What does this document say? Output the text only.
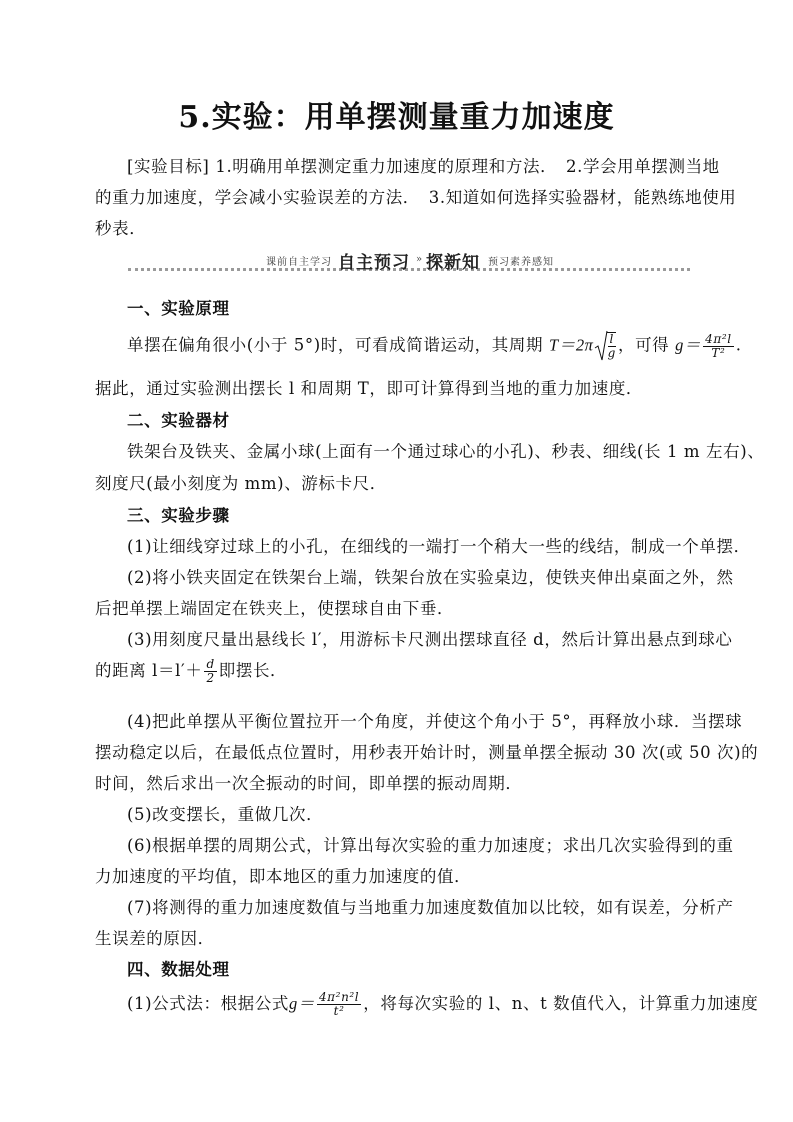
5.实验：用单摆测量重力加速度
[实验目标] 1.明确用单摆测定重力加速度的原理和方法．　2.学会用单摆测当地
的重力加速度，学会减小实验误差的方法．　3.知道如何选择实验器材，能熟练地使用
秒表．
课前自主学习 自主预习 » 探新知 预习素养感知
一、实验原理
单摆在偏角很小(小于 5°)时，可看成简谐运动，其周期 $T=2\pi \frac{l}{g}$ ，可得 $g= \frac{\text{4π²l}}{\text{T²}}$ .
据此，通过实验测出摆长 l 和周期 T，即可计算得到当地的重力加速度．
二、实验器材
铁架台及铁夹、金属小球(上面有一个通过球心的小孔)、秒表、细线(长 1 m 左右)、
刻度尺(最小刻度为 mm)、游标卡尺．
三、实验步骤
(1)让细线穿过球上的小孔，在细线的一端打一个稍大一些的线结，制成一个单摆．
(2)将小铁夹固定在铁架台上端，铁架台放在实验桌边，使铁夹伸出桌面之外，然
后把单摆上端固定在铁夹上，使摆球自由下垂．
(3)用刻度尺量出悬线长 l′，用游标卡尺测出摆球直径 d，然后计算出悬点到球心
的距离 $l=l'+ \frac{d}{2}$ 即摆长．
(4)把此单摆从平衡位置拉开一个角度，并使这个角小于 5°，再释放小球．当摆球
摆动稳定以后，在最低点位置时，用秒表开始计时，测量单摆全振动 30 次(或 50 次)的
时间，然后求出一次全振动的时间，即单摆的振动周期．
(5)改变摆长，重做几次．
(6)根据单摆的周期公式，计算出每次实验的重力加速度；求出几次实验得到的重
力加速度的平均值，即本地区的重力加速度的值．
(7)将测得的重力加速度数值与当地重力加速度数值加以比较，如有误差，分析产
生误差的原因．
四、数据处理
(1)公式法：根据公式$g= \frac{\text{4π²n²l}}{\text{t²}}$ ，将每次实验的 l、n、t 数值代入，计算重力加速度
